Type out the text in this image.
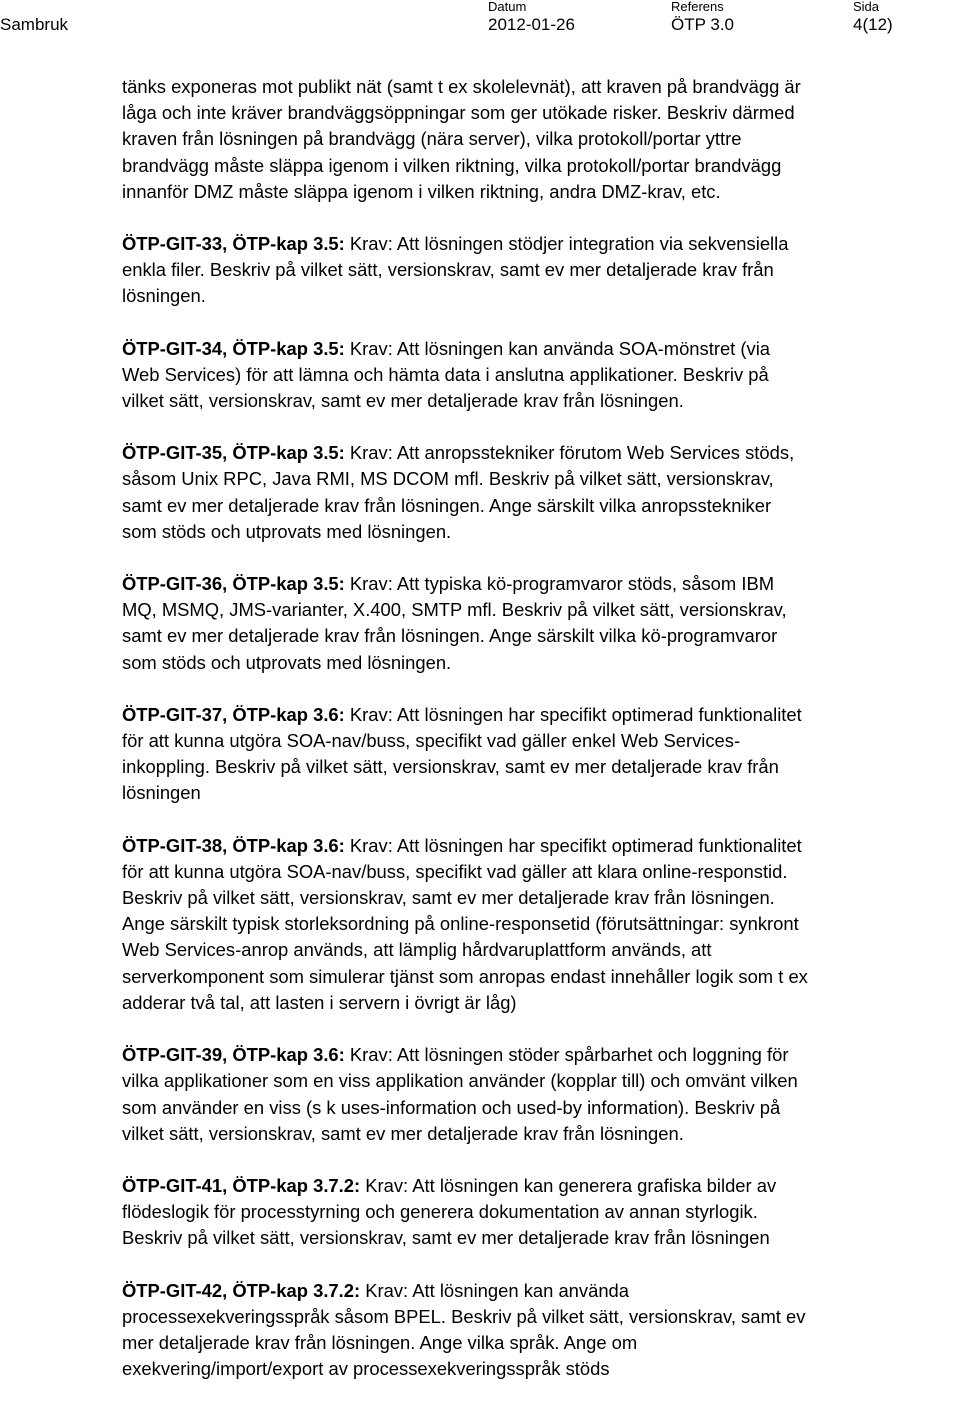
Sambruk
Datum
2012-01-26
Referens
ÖTP 3.0
Sida
4(12)
tänks exponeras mot publikt nät (samt t ex skolelevnät), att kraven på brandvägg är
låga och inte kräver brandväggsöppningar som ger utökade risker. Beskriv därmed
kraven från lösningen på brandvägg (nära server), vilka protokoll/portar yttre
brandvägg måste släppa igenom i vilken riktning, vilka protokoll/portar brandvägg
innanför DMZ måste släppa igenom i vilken riktning, andra DMZ-krav, etc.
ÖTP-GIT-33, ÖTP-kap 3.5: Krav: Att lösningen stödjer integration via sekvensiella
enkla filer. Beskriv på vilket sätt, versionskrav, samt ev mer detaljerade krav från
lösningen.
ÖTP-GIT-34, ÖTP-kap 3.5: Krav: Att lösningen kan använda SOA-mönstret (via
Web Services) för att lämna och hämta data i anslutna applikationer. Beskriv på
vilket sätt, versionskrav, samt ev mer detaljerade krav från lösningen.
ÖTP-GIT-35, ÖTP-kap 3.5: Krav: Att anropsstekniker förutom Web Services stöds,
såsom Unix RPC, Java RMI, MS DCOM mfl. Beskriv på vilket sätt, versionskrav,
samt ev mer detaljerade krav från lösningen. Ange särskilt vilka anropsstekniker
som stöds och utprovats med lösningen.
ÖTP-GIT-36, ÖTP-kap 3.5: Krav: Att typiska kö-programvaror stöds, såsom IBM
MQ, MSMQ, JMS-varianter, X.400, SMTP mfl. Beskriv på vilket sätt, versionskrav,
samt ev mer detaljerade krav från lösningen. Ange särskilt vilka kö-programvaror
som stöds och utprovats med lösningen.
ÖTP-GIT-37, ÖTP-kap 3.6: Krav: Att lösningen har specifikt optimerad funktionalitet
för att kunna utgöra SOA-nav/buss, specifikt vad gäller enkel Web Services-
inkoppling. Beskriv på vilket sätt, versionskrav, samt ev mer detaljerade krav från
lösningen
ÖTP-GIT-38, ÖTP-kap 3.6: Krav: Att lösningen har specifikt optimerad funktionalitet
för att kunna utgöra SOA-nav/buss, specifikt vad gäller att klara online-responstid.
Beskriv på vilket sätt, versionskrav, samt ev mer detaljerade krav från lösningen.
Ange särskilt typisk storleksordning på online-responsetid (förutsättningar: synkront
Web Services-anrop används, att lämplig hårdvaruplattform används, att
serverkomponent som simulerar tjänst som anropas endast innehåller logik som t ex
adderar två tal, att lasten i servern i övrigt är låg)
ÖTP-GIT-39, ÖTP-kap 3.6: Krav: Att lösningen stöder spårbarhet och loggning för
vilka applikationer som en viss applikation använder (kopplar till) och omvänt vilken
som använder en viss (s k uses-information och used-by information). Beskriv på
vilket sätt, versionskrav, samt ev mer detaljerade krav från lösningen.
ÖTP-GIT-41, ÖTP-kap 3.7.2: Krav: Att lösningen kan generera grafiska bilder av
flödeslogik för processtyrning och generera dokumentation av annan styrlogik.
Beskriv på vilket sätt, versionskrav, samt ev mer detaljerade krav från lösningen
ÖTP-GIT-42, ÖTP-kap 3.7.2: Krav: Att lösningen kan använda
processexekveringsspråk såsom BPEL. Beskriv på vilket sätt, versionskrav, samt ev
mer detaljerade krav från lösningen. Ange vilka språk. Ange om
exekvering/import/export av processexekveringsspråk stöds
